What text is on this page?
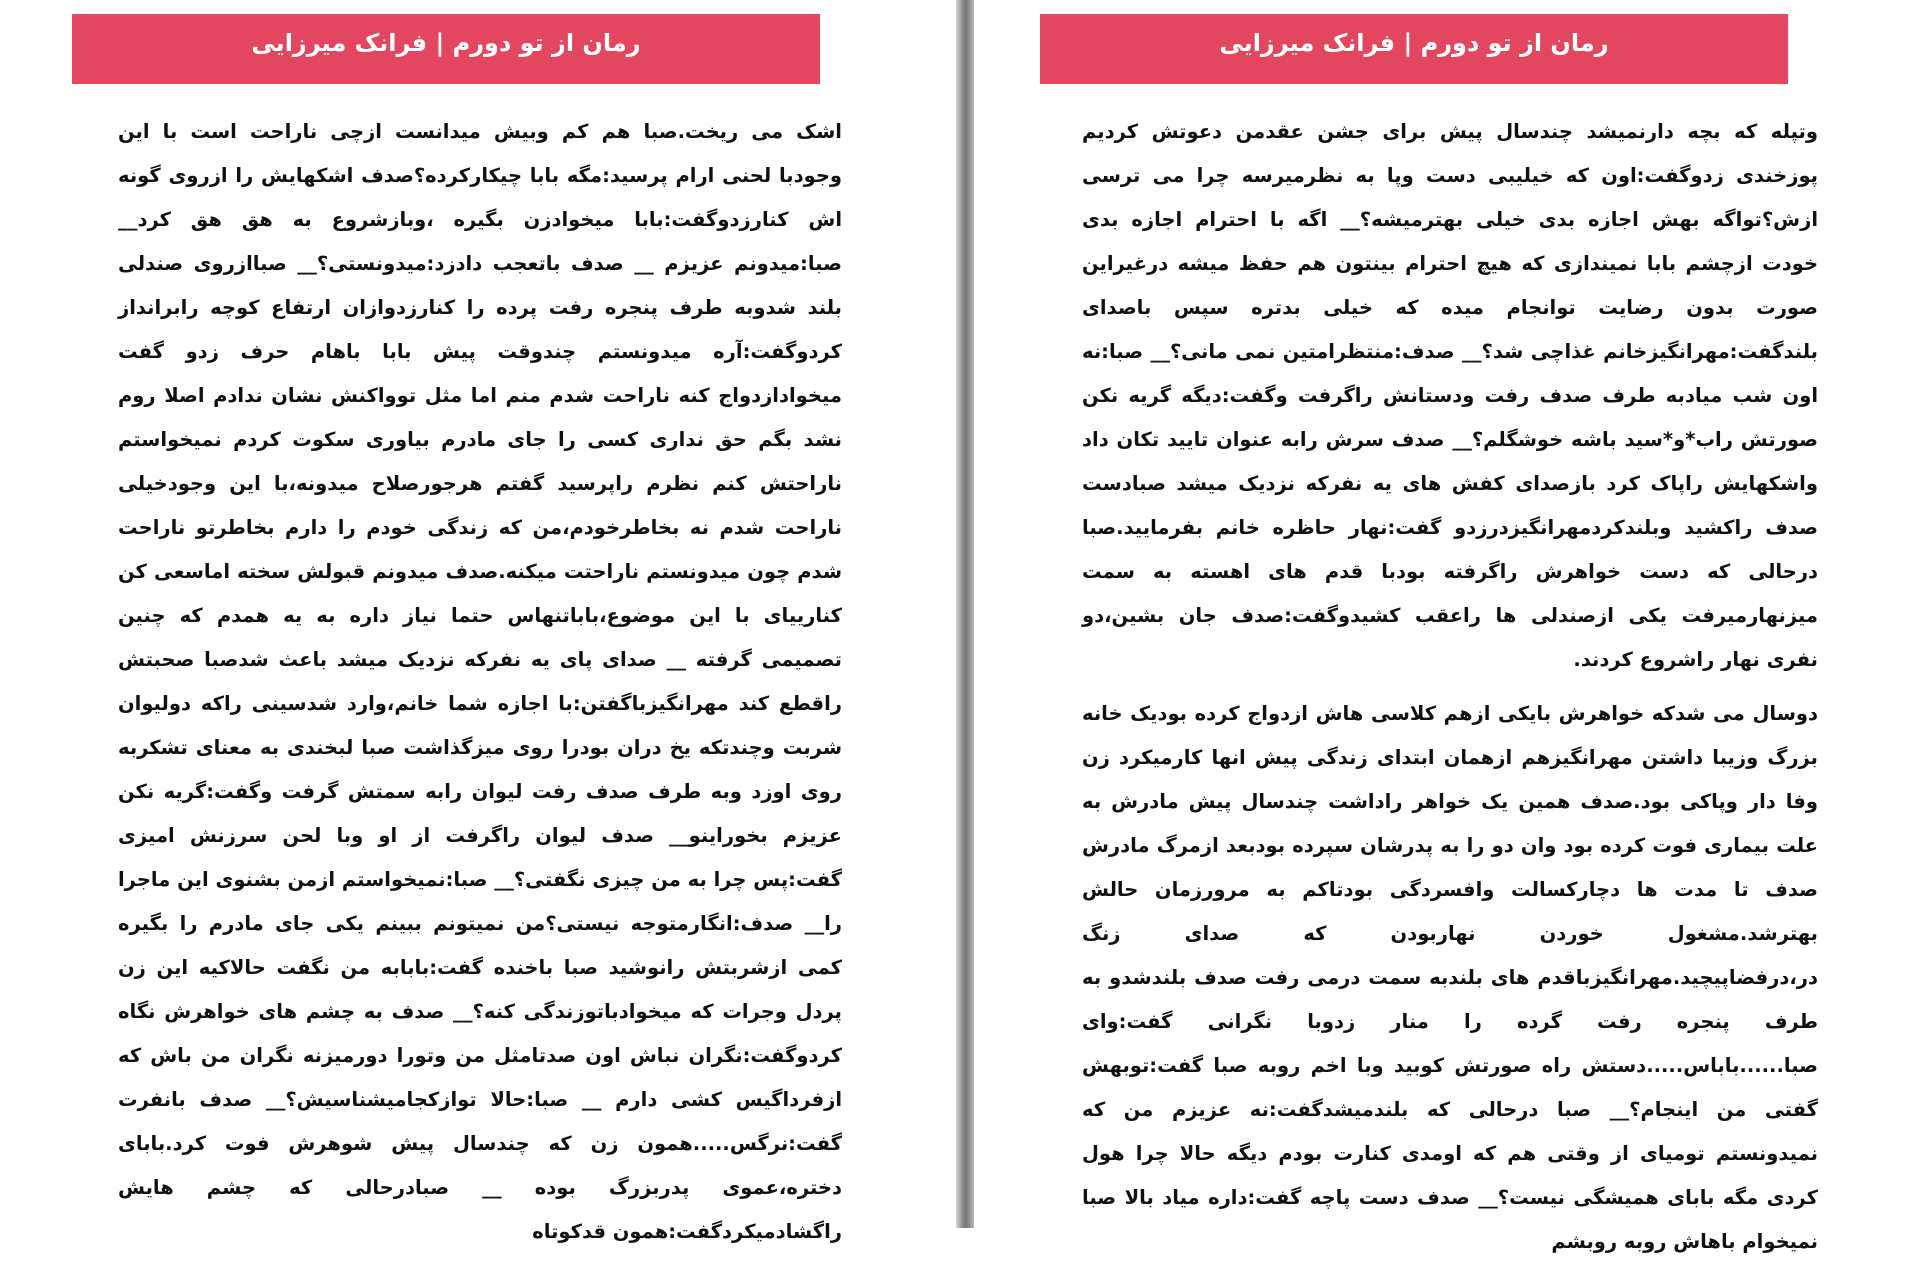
رمان از تو دورم | فرانک میرزایی

اشک می ریخت.صبا هم کم وبیش میدانست ازچی ناراحت است با این وجودبا لحنی ارام پرسید:مگه بابا چیکارکرده؟صدف اشکهایش را ازروی گونه اش کنارزدوگفت:بابا میخوادزن بگیره ،وبازشروع به هق هق کرد__ صبا:میدونم عزیزم __ صدف باتعجب دادزد:میدونستی؟__ صباازروی صندلی بلند شدوبه طرف پنجره رفت پرده را کنارزدوازان ارتفاع کوچه رابرانداز کردوگفت:آره میدونستم چندوقت پیش بابا باهام حرف زدو گفت میخوادازدواج کنه ناراحت شدم منم اما مثل توواکنش نشان ندادم اصلا روم نشد بگم حق نداری کسی را جای مادرم بیاوری سکوت کردم نمیخواستم ناراحتش کنم نظرم راپرسید گفتم هرجورصلاح میدونه،با این وجودخیلی ناراحت شدم نه بخاطرخودم،من که زندگی خودم را دارم بخاطرتو ناراحت شدم چون میدونستم ناراحتت میکنه.صدف میدونم قبولش سخته اماسعی کن کنارییای با این موضوع،باباتنهاس حتما نیاز داره به یه همدم که چنین تصمیمی گرفته __ صدای پای یه نفرکه نزدیک میشد باعث شدصبا صحبتش راقطع کند مهرانگیزباگفتن:با اجازه شما خانم،وارد شدسینی راکه دولیوان شربت وچندتکه یخ دران بودرا روی میزگذاشت صبا لبخندی به معنای تشکربه روی اوزد وبه طرف صدف رفت لیوان رابه سمتش گرفت وگفت:گریه نکن عزیزم بخوراینو__ صدف لیوان راگرفت از او وبا لحن سرزنش امیزی گفت:پس چرا به من چیزی نگفتی؟__ صبا:نمیخواستم ازمن بشنوی این ماجرا را__ صدف:انگارمتوجه نیستی؟من نمیتونم ببینم یکی جای مادرم را بگیره کمی ازشربتش رانوشید صبا باخنده گفت:بابابه من نگفت حالاکیه این زن پردل وجرات که میخوادباتوزندگی کنه؟__ صدف به چشم های خواهرش نگاه کردوگفت:نگران نباش اون صدتامثل من وتورا دورمیزنه نگران من باش که ازفرداگیس کشی دارم __ صبا:حالا توازکجامیشناسیش؟__ صدف بانفرت گفت:نرگس.....همون زن که چندسال پیش شوهرش فوت کرد.بابای دختره،عموی پدربزرگ بوده __ صبادرحالی که چشم هایش راگشادمیکردگفت:همون قدکوتاه

رمان از تو دورم | فرانک میرزایی

وتپله که بچه دارنمیشد چندسال پیش برای جشن عقدمن دعوتش کردیم پوزخندی زدوگفت:اون که خیلیبی دست وپا به نظرمیرسه چرا می ترسی ازش؟تواگه بهش اجازه بدی خیلی بهترمیشه؟__ اگه با احترام اجازه بدی خودت ازچشم بابا نمیندازی که هیچ احترام بینتون هم حفظ میشه درغیراین صورت بدون رضایت توانجام میده که خیلی بدتره سپس باصدای بلندگفت:مهرانگیزخانم غذاچی شد؟__ صدف:منتظرامتین نمی مانی؟__ صبا:نه اون شب میادبه طرف صدف رفت ودستانش راگرفت وگفت:دیگه گریه نکن صورتش راب*و*سید باشه خوشگلم؟__ صدف سرش رابه عنوان تایید تکان داد واشکهایش راپاک کرد بازصدای کفش های یه نفرکه نزدیک میشد صبادست صدف راکشید وبلندکردمهرانگیزدرزدو گفت:نهار حاظره خانم بفرمایید.صبا درحالی که دست خواهرش راگرفته بودبا قدم های اهسته به سمت میزنهارمیرفت یکی ازصندلی ها راعقب کشیدوگفت:صدف جان بشین،دو نفری نهار راشروع کردند.

دوسال می شدکه خواهرش بایکی ازهم کلاسی هاش ازدواج کرده بودیک خانه بزرگ وزیبا داشتن مهرانگیزهم ازهمان ابتدای زندگی پیش انها کارمیکرد زن وفا دار وپاکی بود.صدف همین یک خواهر راداشت چندسال پیش مادرش به علت بیماری فوت کرده بود وان دو را به پدرشان سپرده بودبعد ازمرگ مادرش صدف تا مدت ها دچارکسالت وافسردگی بودتاکم به مرورزمان حالش بهترشد.مشغول خوردن نهاربودن که صدای زنگ در،درفضاپیچید.مهرانگیزباقدم های بلندبه سمت درمی رفت صدف بلندشدو به طرف پنجره رفت گرده را منار زدوبا نگرانی گفت:وای صبا......باباس.....دستش راه صورتش کوبید وبا اخم روبه صبا گفت:توبهش گفتی من اینجام؟__ صبا درحالی که بلندمیشدگفت:نه عزیزم من که نمیدونستم تومیای از وقتی هم که اومدی کنارت بودم دیگه حالا چرا هول کردی مگه بابای همیشگی نیست؟__ صدف دست پاچه گفت:داره میاد بالا صبا نمیخوام باهاش روبه روبشم
